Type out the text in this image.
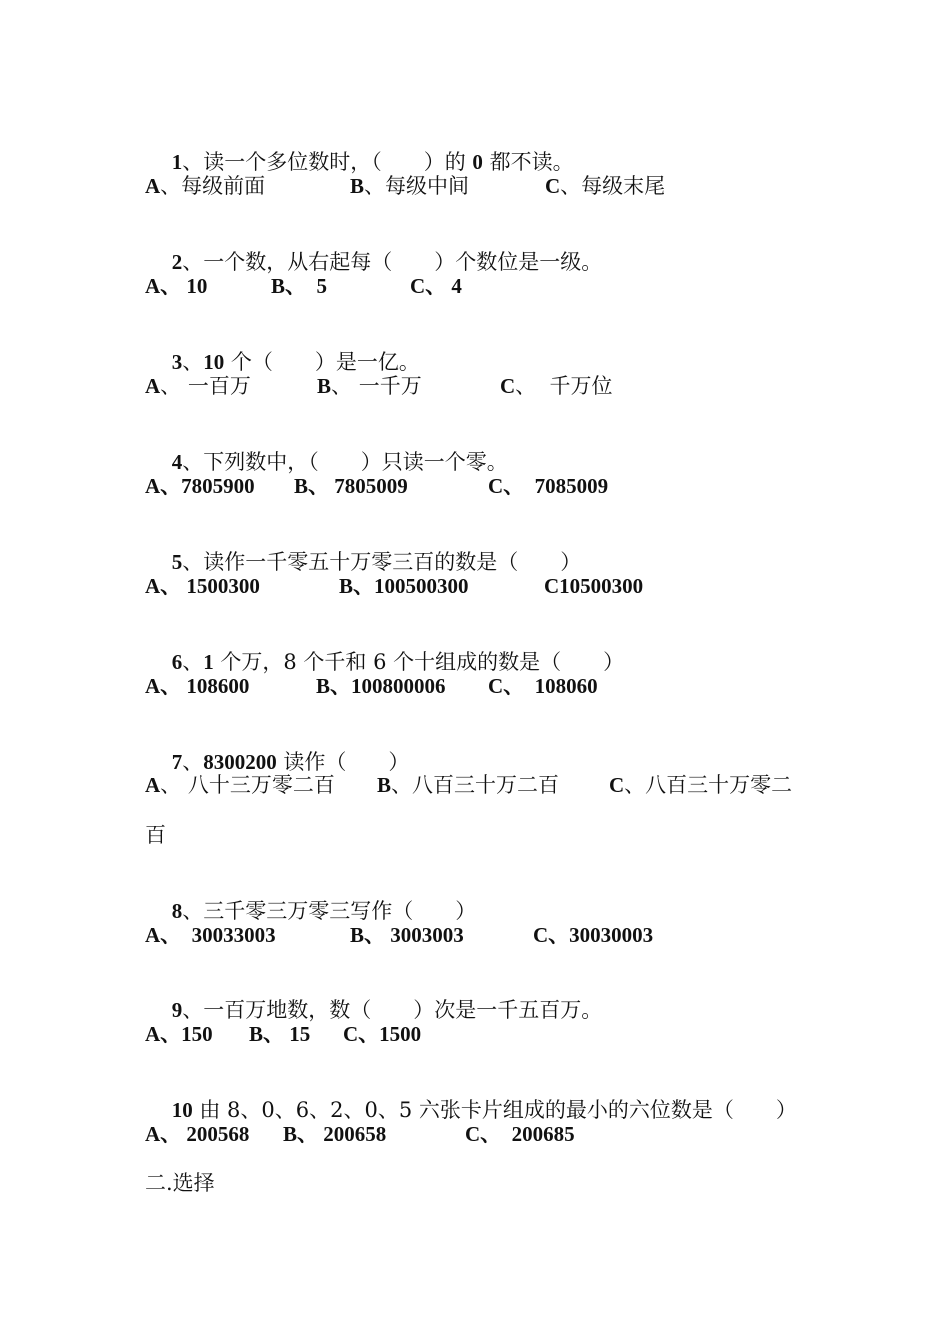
1、读一个多位数时，（　　）的 0 都不读。

A、每级前面

	B、每级中间

	C、每级末尾

2、一个数，从右起每（　　）个数位是一级。

A、 10

	B、  5

	C、 4

3、10 个（　　）是一亿。

A、 一百万

	B、 一千万

	C、  千万位

4、下列数中，（　　）只读一个零。

A、7805900

B、 7805009

	C、  7085009

5、读作一千零五十万零三百的数是（　　）

A、 1500300

	B、100500300

	C10500300

6、1 个万，8 个千和 6 个十组成的数是（　　）

A、 108600

	B、100800006

C、  108060

7、8300200 读作（　　）

A、 八十三万零二百

B、八百三十万二百

C、八百三十万零二

百

8、三千零三万零三写作（　　）

A、  30033003

	B、 3003003

	C、30030003

9、一百万地数，数（　　）次是一千五百万。

A、150

B、 15

C、1500

10 由 8、0、6、2、0、5 六张卡片组成的最小的六位数是（　　）

A、 200568

B、 200658

	C、  200685

二.选择
